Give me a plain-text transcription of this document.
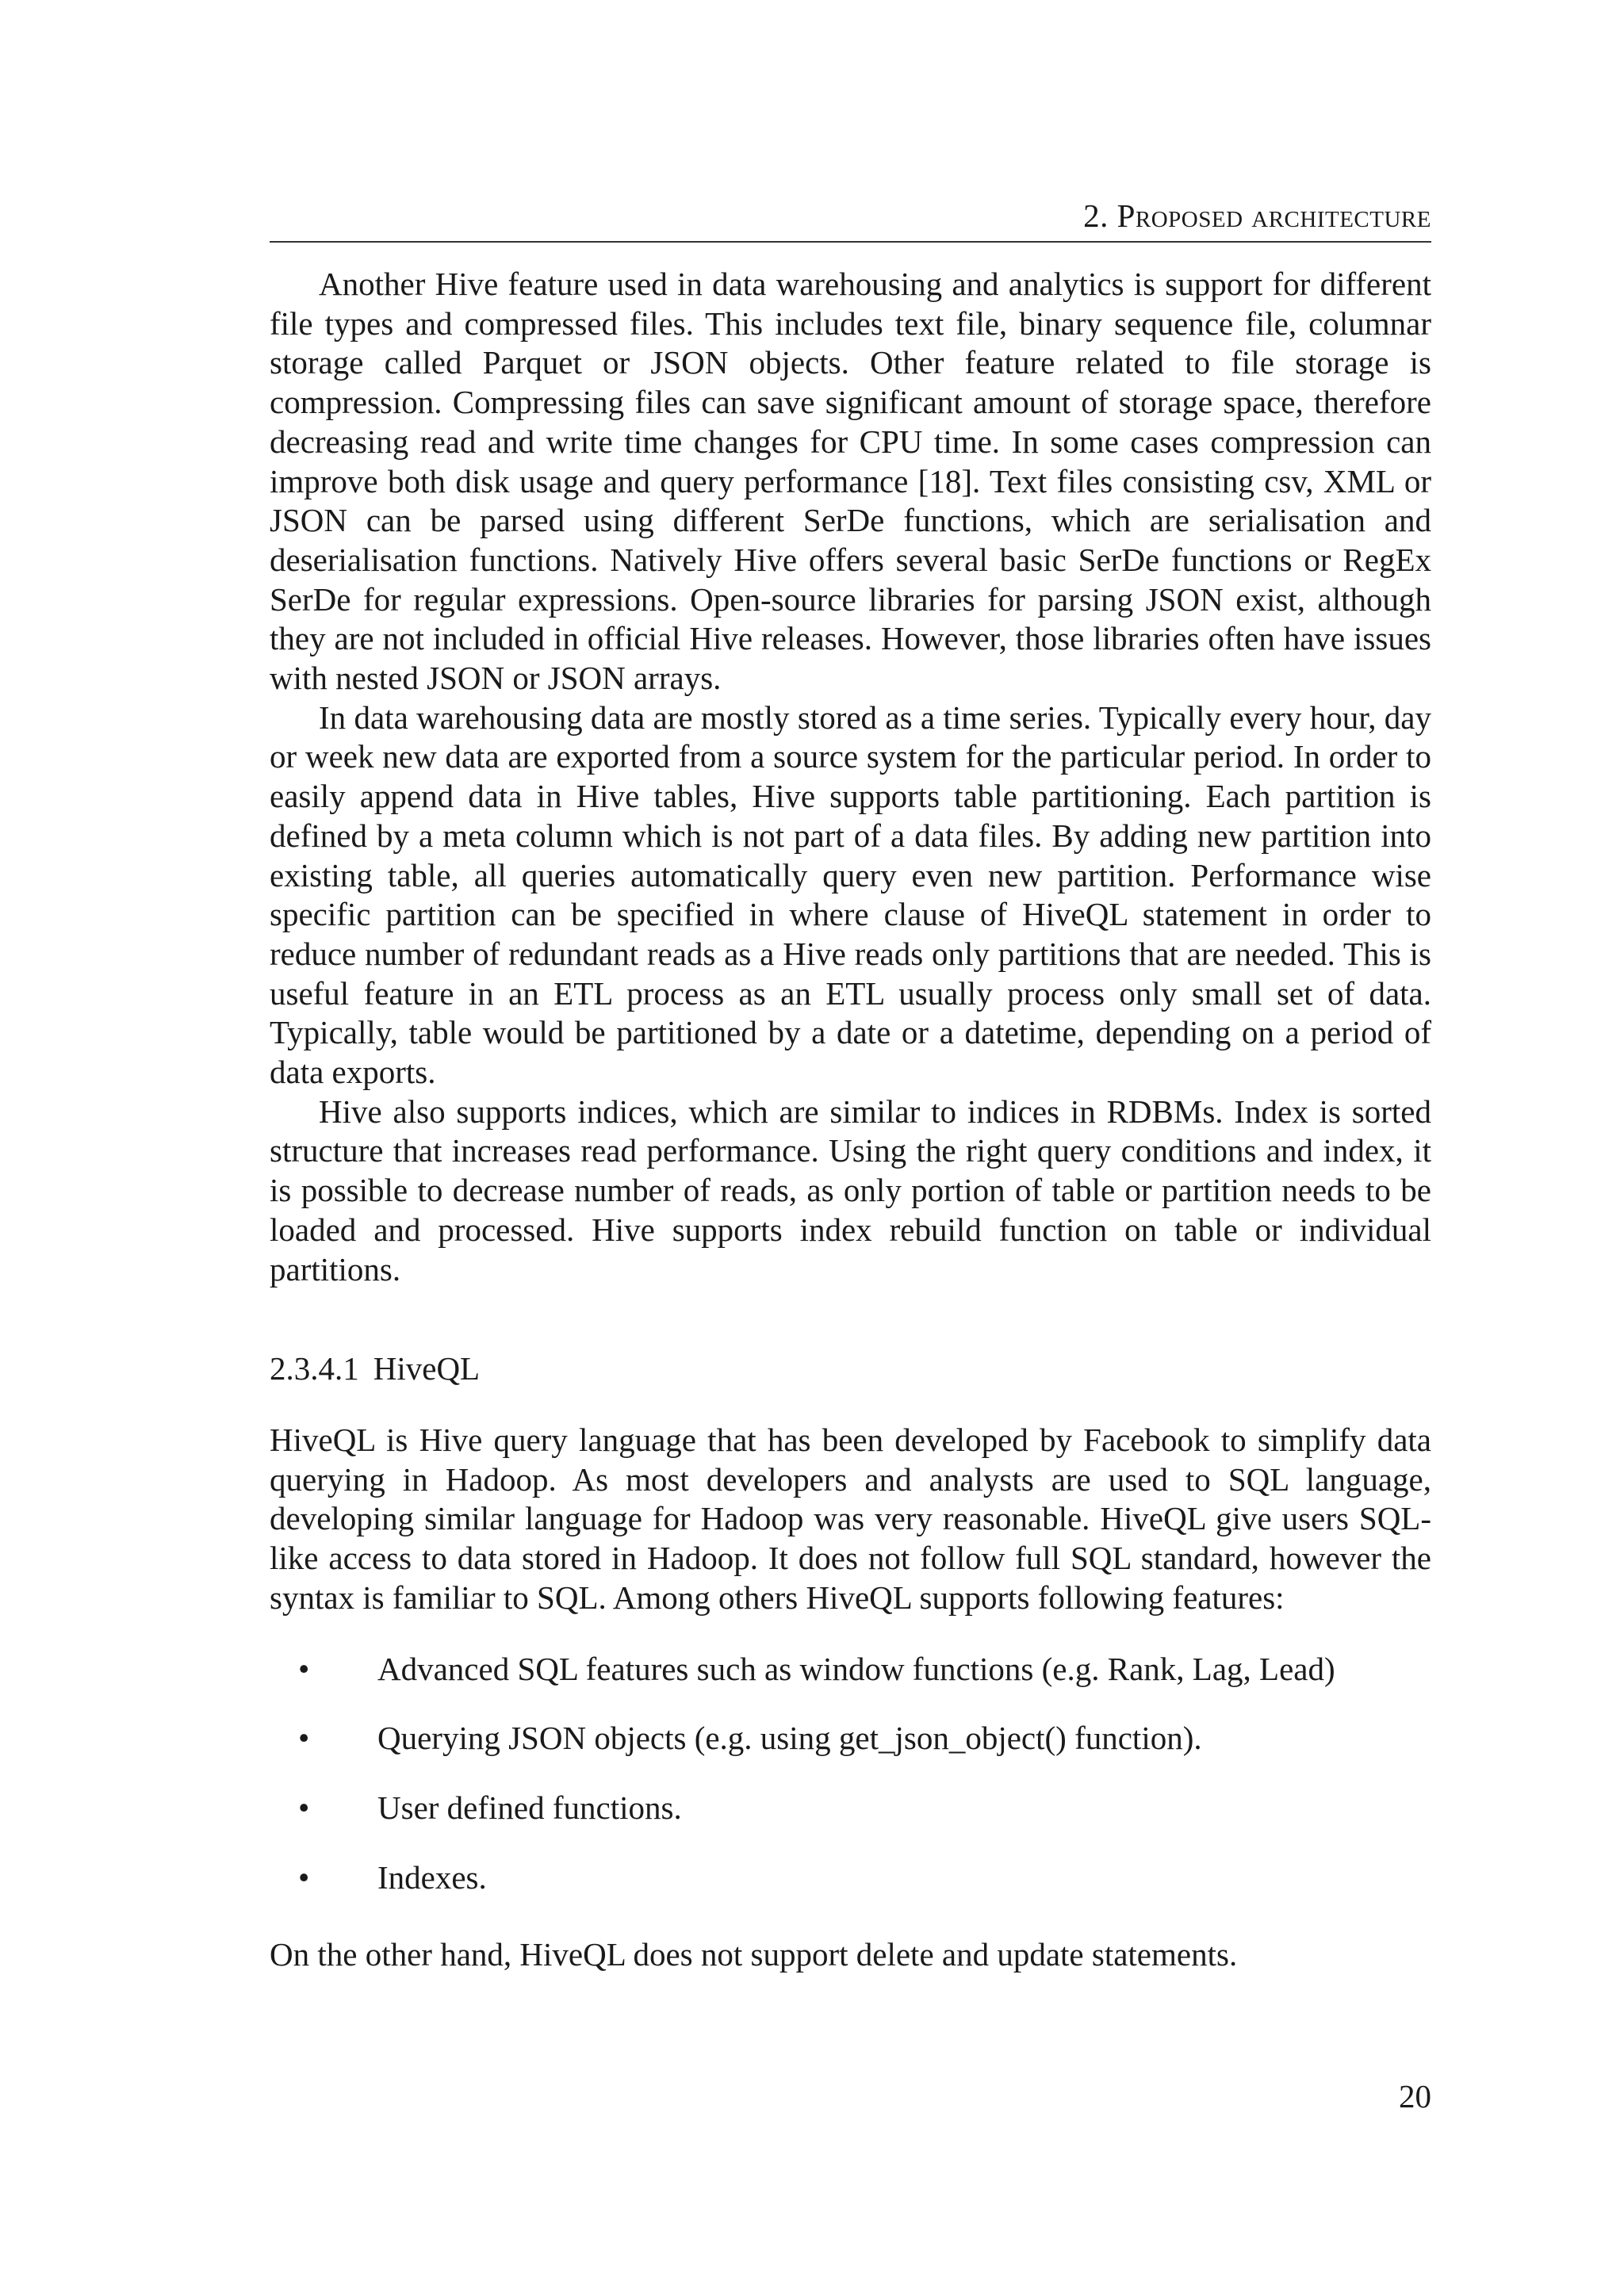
2. Proposed architecture

Another Hive feature used in data warehousing and analytics is support for different file types and compressed files. This includes text file, binary sequence file, columnar storage called Parquet or JSON objects. Other feature related to file storage is compression. Compressing files can save significant amount of storage space, therefore decreasing read and write time changes for CPU time. In some cases compression can improve both disk usage and query performance [18]. Text files consisting csv, XML or JSON can be parsed using different SerDe functions, which are serialisation and deserialisation functions. Natively Hive offers several basic SerDe functions or RegEx SerDe for regular expressions. Open-source libraries for parsing JSON exist, although they are not included in official Hive releases. However, those libraries often have issues with nested JSON or JSON arrays.

In data warehousing data are mostly stored as a time series. Typically every hour, day or week new data are exported from a source system for the particular period. In order to easily append data in Hive tables, Hive supports table partitioning. Each partition is defined by a meta column which is not part of a data files. By adding new partition into existing table, all queries automatically query even new partition. Performance wise specific partition can be specified in where clause of HiveQL statement in order to reduce number of redundant reads as a Hive reads only partitions that are needed. This is useful feature in an ETL process as an ETL usually process only small set of data. Typically, table would be partitioned by a date or a datetime, depending on a period of data exports.

Hive also supports indices, which are similar to indices in RDBMs. Index is sorted structure that increases read performance. Using the right query conditions and index, it is possible to decrease number of reads, as only portion of table or partition needs to be loaded and processed. Hive supports index rebuild function on table or individual partitions.

2.3.4.1 HiveQL

HiveQL is Hive query language that has been developed by Facebook to simplify data querying in Hadoop. As most developers and analysts are used to SQL language, developing similar language for Hadoop was very reasonable. HiveQL give users SQL-like access to data stored in Hadoop. It does not follow full SQL standard, however the syntax is familiar to SQL. Among others HiveQL supports following features:

• Advanced SQL features such as window functions (e.g. Rank, Lag, Lead)
• Querying JSON objects (e.g. using get_json_object() function).
• User defined functions.
• Indexes.

On the other hand, HiveQL does not support delete and update statements.

20
